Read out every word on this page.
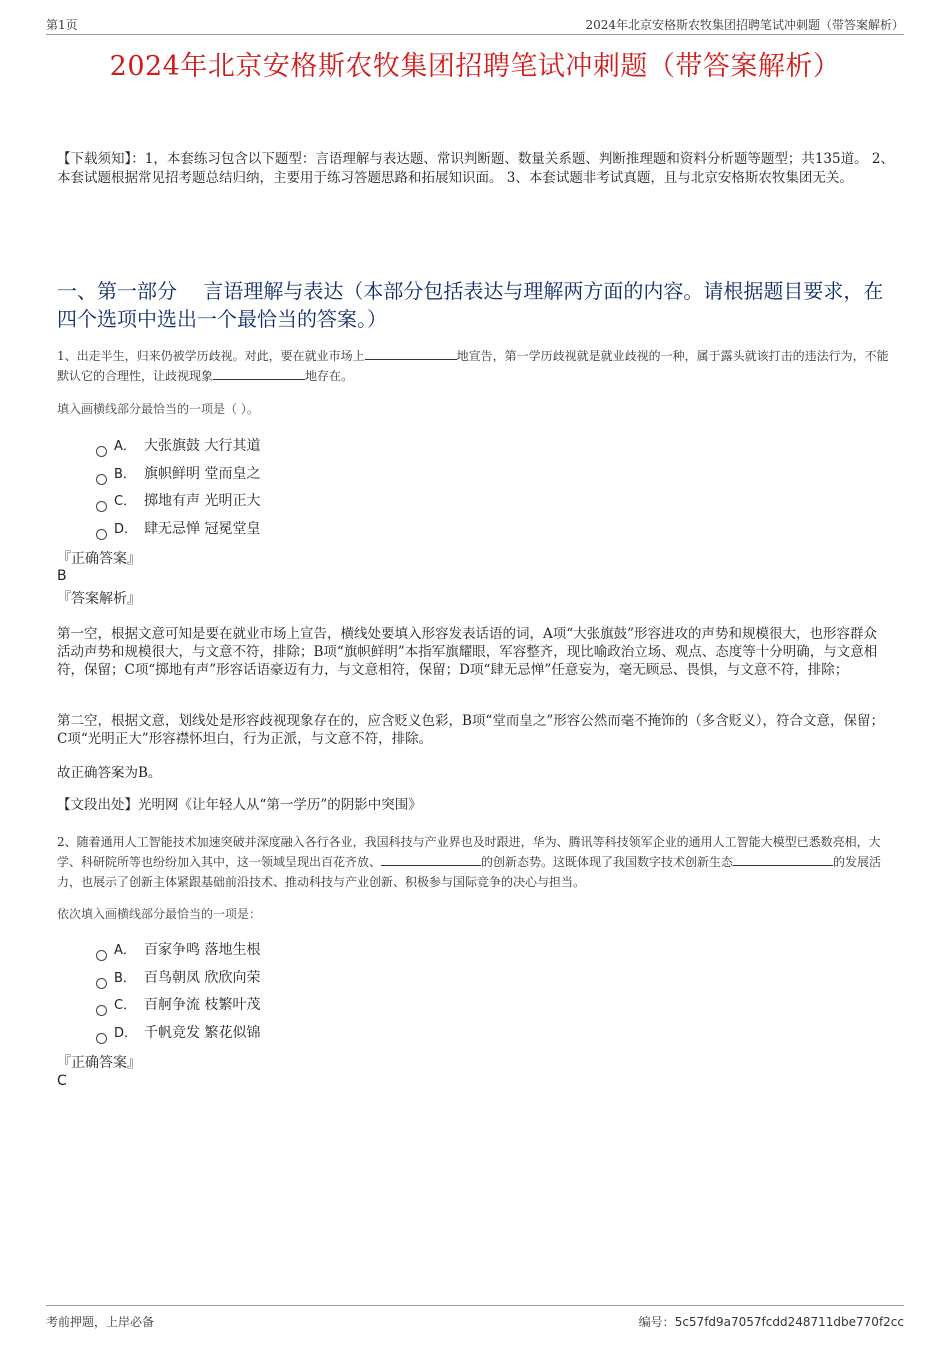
第1页	2024年北京安格斯农牧集团招聘笔试冲刺题（带答案解析）
2024年北京安格斯农牧集团招聘笔试冲刺题（带答案解析）
【下载须知】：1，本套练习包含以下题型：言语理解与表达题、常识判断题、数量关系题、判断推理题和资料分析题等题型；共135道。 2、本套试题根据常见招考题总结归纳，主要用于练习答题思路和拓展知识面。 3、本套试题非考试真题，且与北京安格斯农牧集团无关。
一、第一部分　 言语理解与表达（本部分包括表达与理解两方面的内容。请根据题目要求，在四个选项中选出一个最恰当的答案。）
1、出走半生，归来仍被学历歧视。对此，要在就业市场上	地宣告，第一学历歧视就是就业歧视的一种，属于露头就该打击的违法行为，不能默认它的合理性，让歧视现象	地存在。
填入画横线部分最恰当的一项是（ ）。
A． 大张旗鼓 大行其道
B． 旗帜鲜明 堂而皇之
C． 掷地有声 光明正大
D． 肆无忌惮 冠冕堂皇
『正确答案』
B
『答案解析』
第一空，根据文意可知是要在就业市场上宣告，横线处要填入形容发表话语的词，A项“大张旗鼓”形容进攻的声势和规模很大，也形容群众活动声势和规模很大，与文意不符，排除；B项“旗帜鲜明”本指军旗耀眼，军容整齐，现比喻政治立场、观点、态度等十分明确，与文意相符，保留；C项“掷地有声”形容话语豪迈有力，与文意相符，保留；D项“肆无忌惮”任意妄为，毫无顾忌、畏惧，与文意不符，排除；
第二空，根据文意，划线处是形容歧视现象存在的，应含贬义色彩，B项“堂而皇之”形容公然而毫不掩饰的（多含贬义），符合文意，保留；C项“光明正大”形容襟怀坦白，行为正派，与文意不符，排除。
故正确答案为B。
【文段出处】光明网《让年轻人从“第一学历”的阴影中突围》
2、随着通用人工智能技术加速突破并深度融入各行各业，我国科技与产业界也及时跟进，华为、腾讯等科技领军企业的通用人工智能大模型已悉数亮相，大学、科研院所等也纷纷加入其中，这一领域呈现出百花齐放、	的创新态势。这既体现了我国数字技术创新生态	的发展活力，也展示了创新主体紧跟基础前沿技术、推动科技与产业创新、积极参与国际竞争的决心与担当。
依次填入画横线部分最恰当的一项是：
A． 百家争鸣 落地生根
B． 百鸟朝凤 欣欣向荣
C． 百舸争流 枝繁叶茂
D． 千帆竞发 繁花似锦
『正确答案』
C
考前押题，上岸必备	编号：5c57fd9a7057fcdd248711dbe770f2cc
